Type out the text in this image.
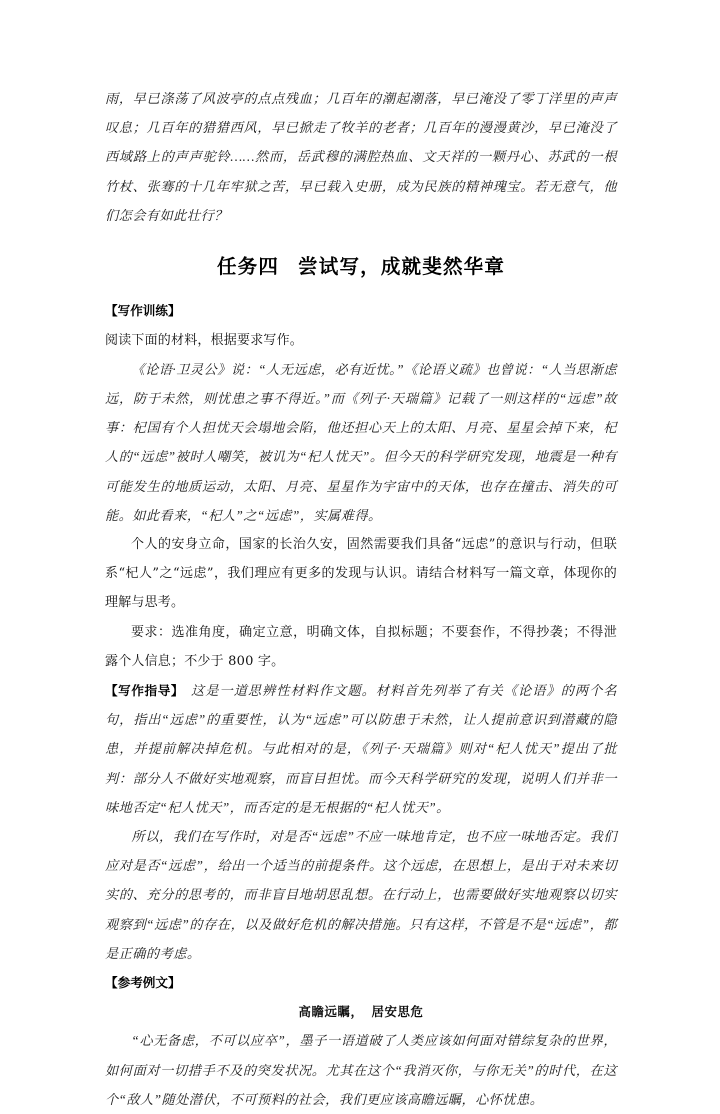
雨，早已涤荡了风波亭的点点残血；几百年的潮起潮落，早已淹没了零丁洋里的声声叹息；几百年的猎猎西风，早已掀走了牧羊的老者；几百年的漫漫黄沙，早已淹没了西域路上的声声驼铃……然而，岳武穆的满腔热血、文天祥的一颗丹心、苏武的一根竹杖、张骞的十几年牢狱之苦，早已载入史册，成为民族的精神瑰宝。若无意气，他们怎会有如此壮行？

任务四 尝试写，成就斐然华章

【写作训练】

阅读下面的材料，根据要求写作。

《论语·卫灵公》说：“人无远虑，必有近忧。”《论语义疏》也曾说：“人当思渐虑远，防于未然，则忧患之事不得近。”而《列子·天瑞篇》记载了一则这样的“远虑”故事：杞国有个人担忧天会塌地会陷，他还担心天上的太阳、月亮、星星会掉下来，杞人的“远虑”被时人嘲笑，被讥为“杞人忧天”。但今天的科学研究发现，地震是一种有可能发生的地质运动，太阳、月亮、星星作为宇宙中的天体，也存在撞击、消失的可能。如此看来，“杞人”之“远虑”，实属难得。

个人的安身立命，国家的长治久安，固然需要我们具备“远虑”的意识与行动，但联系“杞人”之“远虑”，我们理应有更多的发现与认识。请结合材料写一篇文章，体现你的理解与思考。

要求：选准角度，确定立意，明确文体，自拟标题；不要套作，不得抄袭；不得泄露个人信息；不少于 800 字。

【写作指导】 这是一道思辨性材料作文题。材料首先列举了有关《论语》的两个名句，指出“远虑”的重要性，认为“远虑”可以防患于未然，让人提前意识到潜藏的隐患，并提前解决掉危机。与此相对的是，《列子·天瑞篇》则对“杞人忧天”提出了批判：部分人不做好实地观察，而盲目担忧。而今天科学研究的发现，说明人们并非一味地否定“杞人忧天”，而否定的是无根据的“杞人忧天”。

所以，我们在写作时，对是否“远虑”不应一味地肯定，也不应一味地否定。我们应对是否“远虑”，给出一个适当的前提条件。这个远虑，在思想上，是出于对未来切实的、充分的思考的，而非盲目地胡思乱想。在行动上，也需要做好实地观察以切实观察到“远虑”的存在，以及做好危机的解决措施。只有这样，不管是不是“远虑”，都是正确的考虑。

【参考例文】

高瞻远瞩， 居安思危

“心无备虑，不可以应卒”，墨子一语道破了人类应该如何面对错综复杂的世界，如何面对一切措手不及的突发状况。尤其在这个“我消灭你，与你无关”的时代，在这个“敌人”随处潜伏，不可预料的社会，我们更应该高瞻远瞩，心怀忧患。
